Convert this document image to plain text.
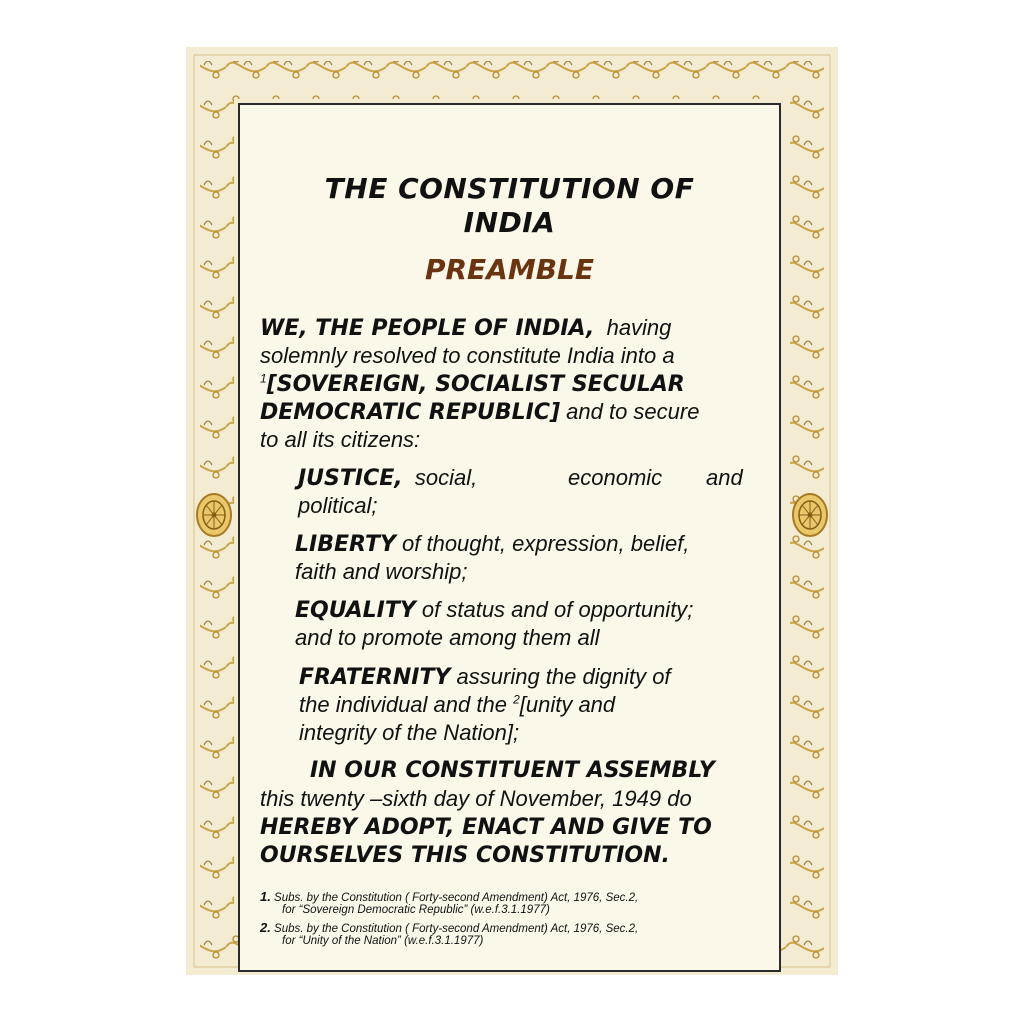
THE CONSTITUTION OF
INDIA
PREAMBLE
WE, THE PEOPLE OF INDIA, having
solemnly resolved to constitute India into a
$^1$[SOVEREIGN, SOCIALIST SECULAR
DEMOCRATIC REPUBLIC] and to secure
to all its citizens:
JUSTICE, social,	economic and
political;
LIBERTY of thought, expression, belief,
faith and worship;
EQUALITY of status and of opportunity;
and to promote among them all
FRATERNITY assuring the dignity of
the individual and the $^2$[unity and
integrity of the Nation];
IN OUR CONSTITUENT ASSEMBLY
this twenty –sixth day of November, 1949 do
HEREBY ADOPT, ENACT AND GIVE TO
OURSELVES THIS CONSTITUTION.
1. Subs. by the Constitution ( Forty-second Amendment) Act, 1976, Sec.2,
for “Sovereign Democratic Republic” (w.e.f.3.1.1977)
2. Subs. by the Constitution ( Forty-second Amendment) Act, 1976, Sec.2,
for “Unity of the Nation” (w.e.f.3.1.1977)
